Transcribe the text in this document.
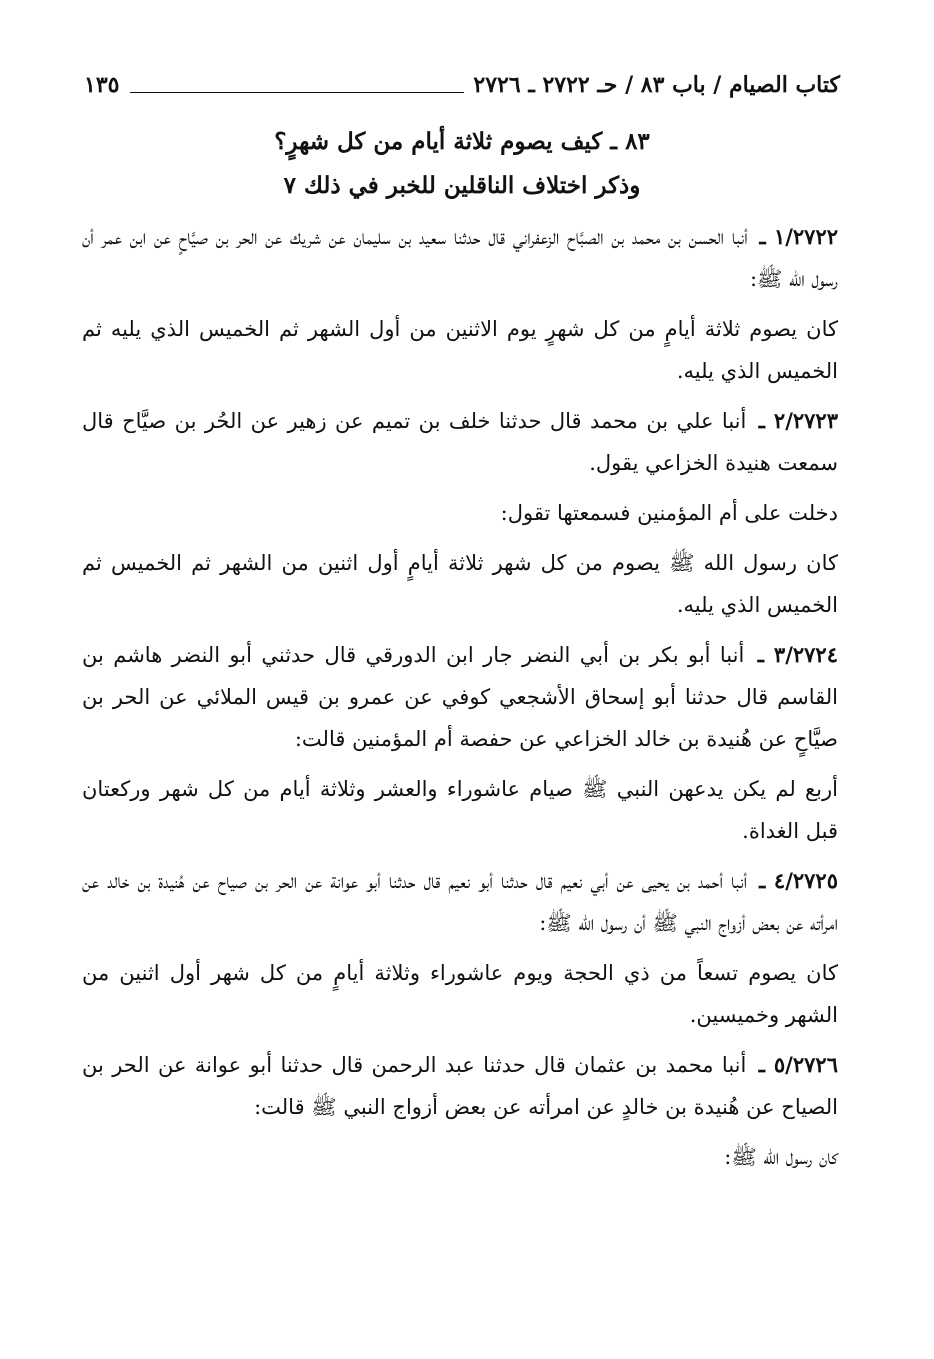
كتاب الصيام / باب ٨٣ / حـ ٢٧٢٢ ـ ٢٧٢٦
١٣٥
٨٣ ـ كيف يصوم ثلاثة أيام من كل شهرٍ؟
وذكر اختلاف الناقلين للخبر في ذلك ٧
١/٢٧٢٢ ـ أنبا الحسن بن محمد بن الصبَّاح الزعفراني قال حدثنا سعيد بن سليمان عن شريك عن الحر بن صيَّاحٍ عن ابن عمر أن رسول الله ﷺ:
كان يصوم ثلاثة أيامٍ من كل شهرٍ يوم الاثنين من أول الشهر ثم الخميس الذي يليه ثم الخميس الذي يليه.
٢/٢٧٢٣ ـ أنبا علي بن محمد قال حدثنا خلف بن تميم عن زهير عن الحُر بن صيَّاح قال سمعت هنيدة الخزاعي يقول.
دخلت على أم المؤمنين فسمعتها تقول:
كان رسول الله ﷺ يصوم من كل شهر ثلاثة أيامٍ أول اثنين من الشهر ثم الخميس ثم الخميس الذي يليه.
٣/٢٧٢٤ ـ أنبا أبو بكر بن أبي النضر جار ابن الدورقي قال حدثني أبو النضر هاشم بن القاسم قال حدثنا أبو إسحاق الأشجعي كوفي عن عمرو بن قيس الملائي عن الحر بن صيَّاحٍ عن هُنيدة بن خالد الخزاعي عن حفصة أم المؤمنين قالت:
أربع لم يكن يدعهن النبي ﷺ صيام عاشوراء والعشر وثلاثة أيام من كل شهر وركعتان قبل الغداة.
٤/٢٧٢٥ ـ أنبا أحمد بن يحيى عن أبي نعيم قال حدثنا أبو نعيم قال حدثنا أبو عوانة عن الحر بن صياح عن هُنيدة بن خالد عن امرأته عن بعض أزواج النبي ﷺ أن رسول الله ﷺ:
كان يصوم تسعاً من ذي الحجة ويوم عاشوراء وثلاثة أيامٍ من كل شهر أول اثنين من الشهر وخميسين.
٥/٢٧٢٦ ـ أنبا محمد بن عثمان قال حدثنا عبد الرحمن قال حدثنا أبو عوانة عن الحر بن الصياح عن هُنيدة بن خالدٍ عن امرأته عن بعض أزواج النبي ﷺ قالت:
كان رسول الله ﷺ:
